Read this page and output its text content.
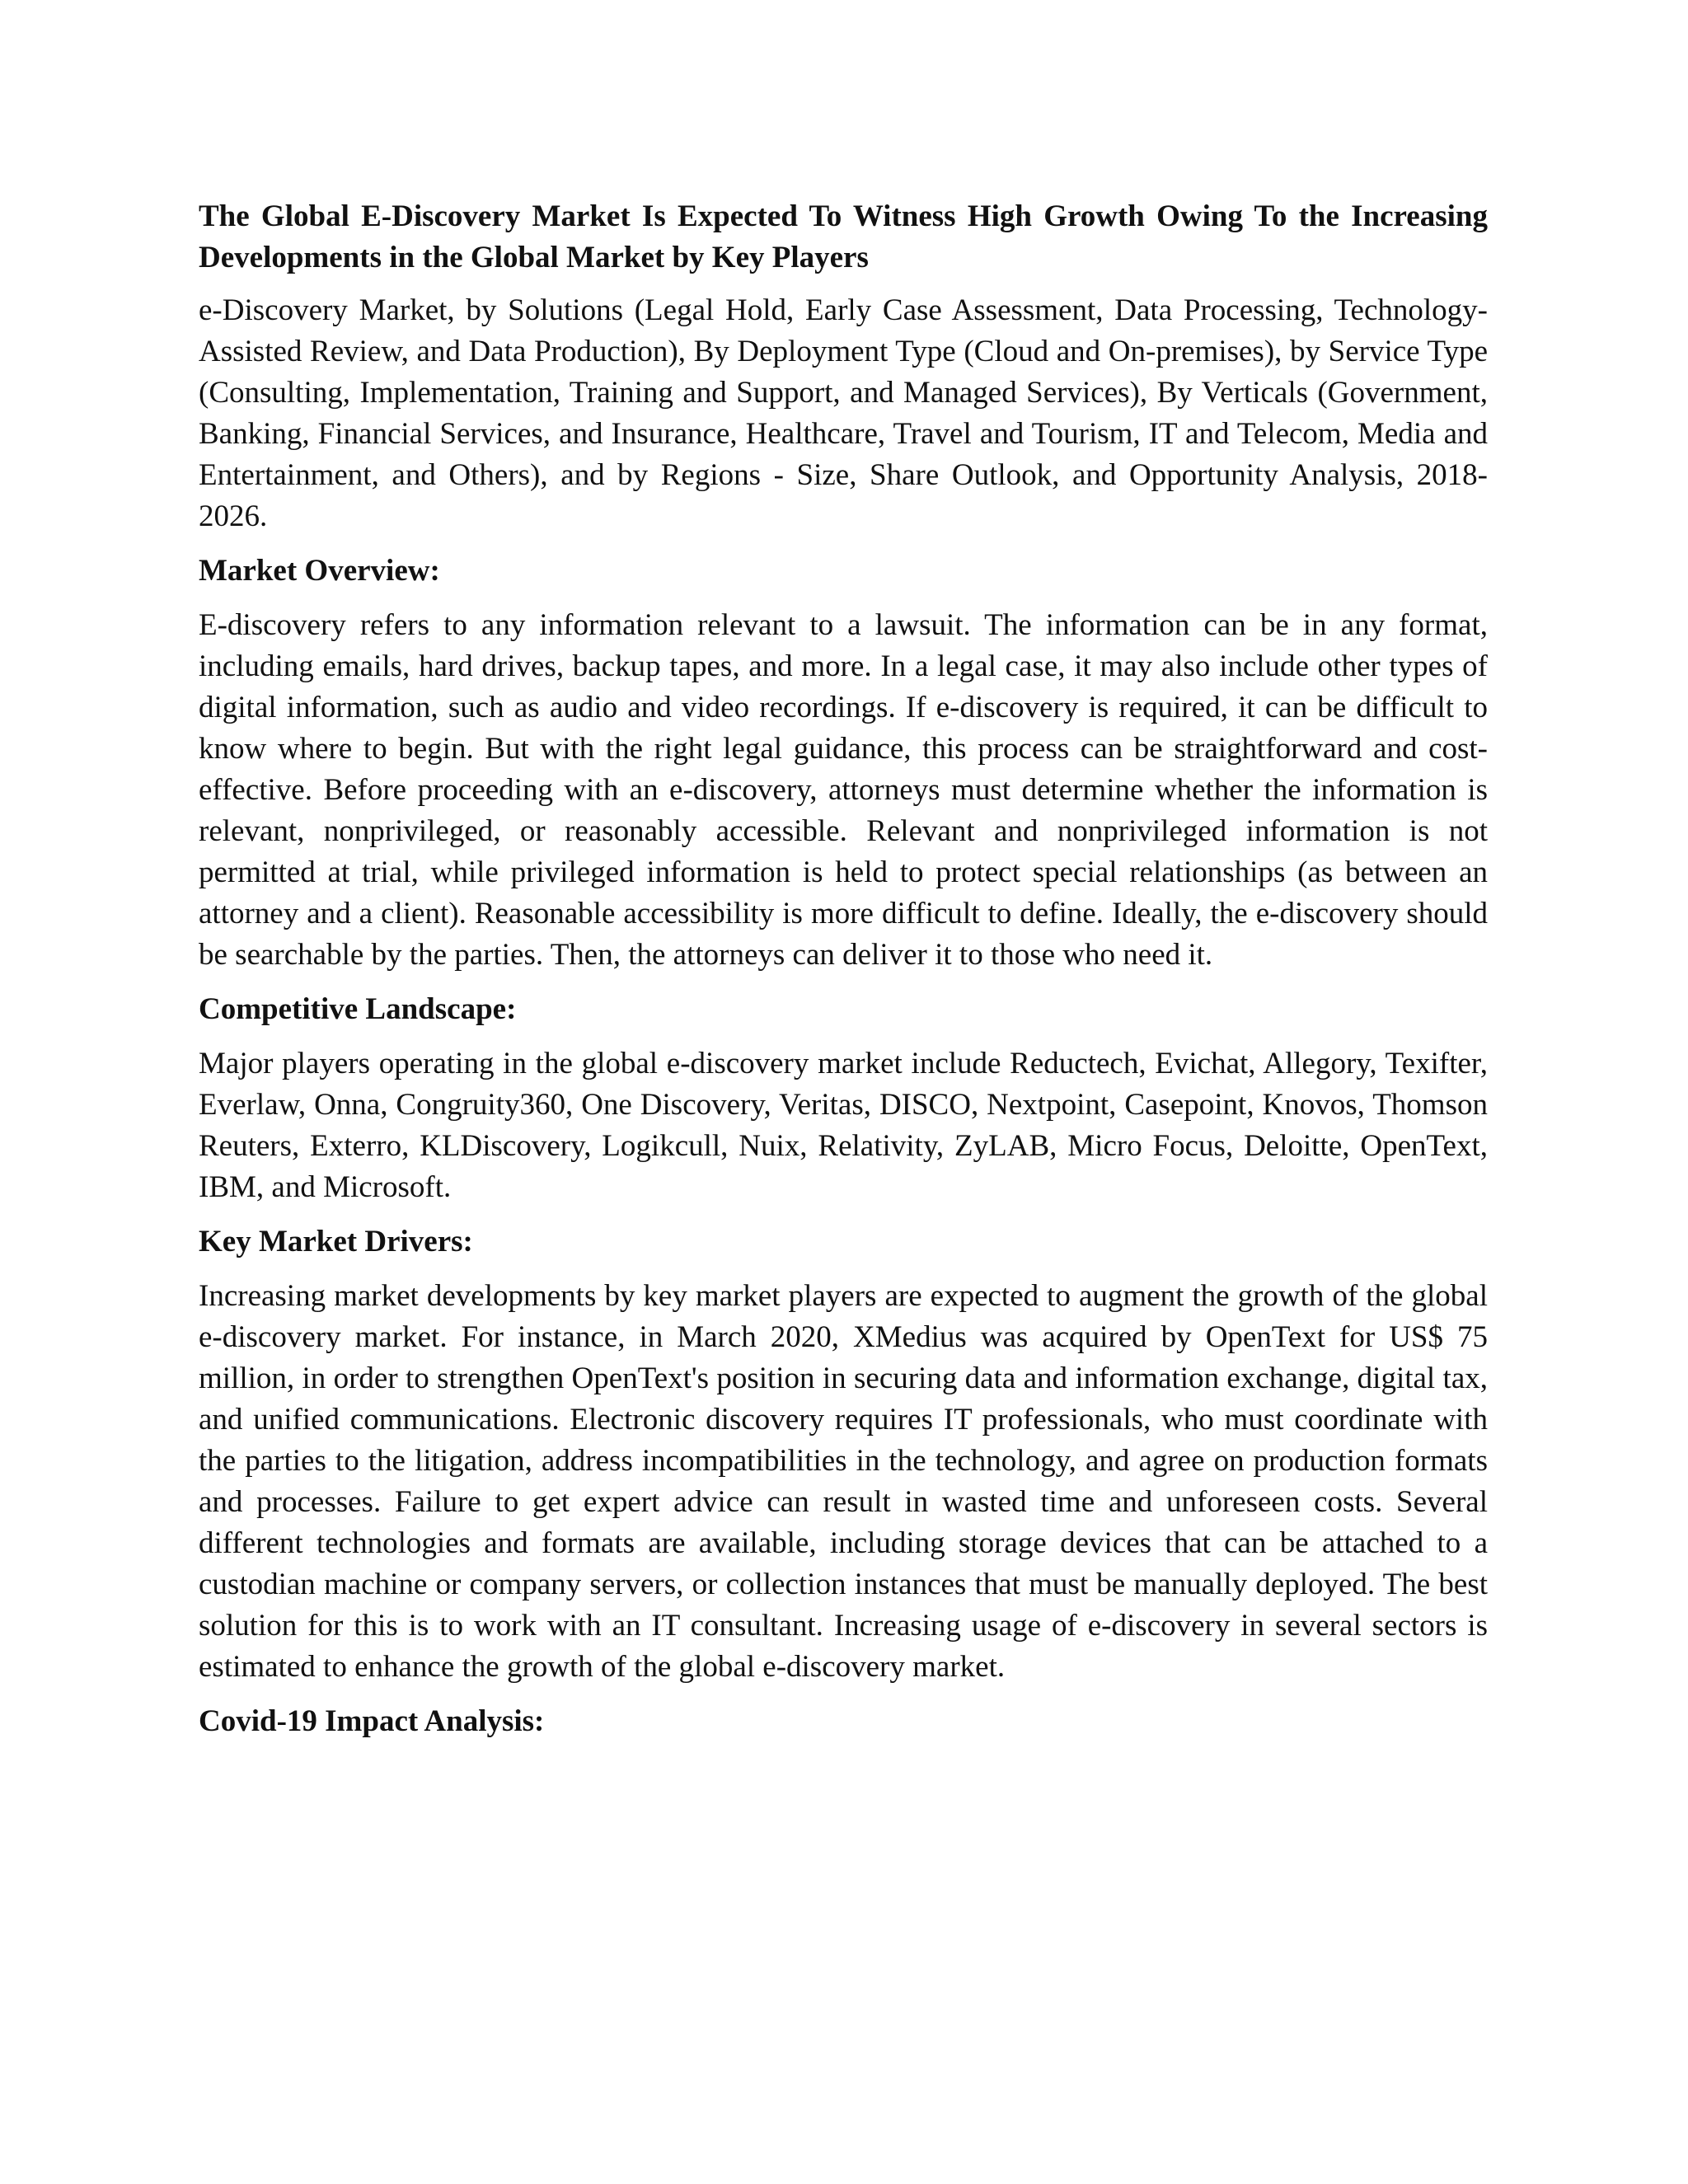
The Global E-Discovery Market Is Expected To Witness High Growth Owing To the Increasing Developments in the Global Market by Key Players

e-Discovery Market, by Solutions (Legal Hold, Early Case Assessment, Data Processing, Technology-Assisted Review, and Data Production), By Deployment Type (Cloud and On-premises), by Service Type (Consulting, Implementation, Training and Support, and Managed Services), By Verticals (Government, Banking, Financial Services, and Insurance, Healthcare, Travel and Tourism, IT and Telecom, Media and Entertainment, and Others), and by Regions - Size, Share Outlook, and Opportunity Analysis, 2018-2026.

Market Overview:

E-discovery refers to any information relevant to a lawsuit. The information can be in any format, including emails, hard drives, backup tapes, and more. In a legal case, it may also include other types of digital information, such as audio and video recordings. If e-discovery is required, it can be difficult to know where to begin. But with the right legal guidance, this process can be straightforward and cost-effective. Before proceeding with an e-discovery, attorneys must determine whether the information is relevant, nonprivileged, or reasonably accessible. Relevant and nonprivileged information is not permitted at trial, while privileged information is held to protect special relationships (as between an attorney and a client). Reasonable accessibility is more difficult to define. Ideally, the e-discovery should be searchable by the parties. Then, the attorneys can deliver it to those who need it.

Competitive Landscape:

Major players operating in the global e-discovery market include Reductech, Evichat, Allegory, Texifter, Everlaw, Onna, Congruity360, One Discovery, Veritas, DISCO, Nextpoint, Casepoint, Knovos, Thomson Reuters, Exterro, KLDiscovery, Logikcull, Nuix, Relativity, ZyLAB, Micro Focus, Deloitte, OpenText, IBM, and Microsoft.

Key Market Drivers:

Increasing market developments by key market players are expected to augment the growth of the global e-discovery market. For instance, in March 2020, XMedius was acquired by OpenText for US$ 75 million, in order to strengthen OpenText's position in securing data and information exchange, digital tax, and unified communications. Electronic discovery requires IT professionals, who must coordinate with the parties to the litigation, address incompatibilities in the technology, and agree on production formats and processes. Failure to get expert advice can result in wasted time and unforeseen costs. Several different technologies and formats are available, including storage devices that can be attached to a custodian machine or company servers, or collection instances that must be manually deployed. The best solution for this is to work with an IT consultant. Increasing usage of e-discovery in several sectors is estimated to enhance the growth of the global e-discovery market.

Covid-19 Impact Analysis:
